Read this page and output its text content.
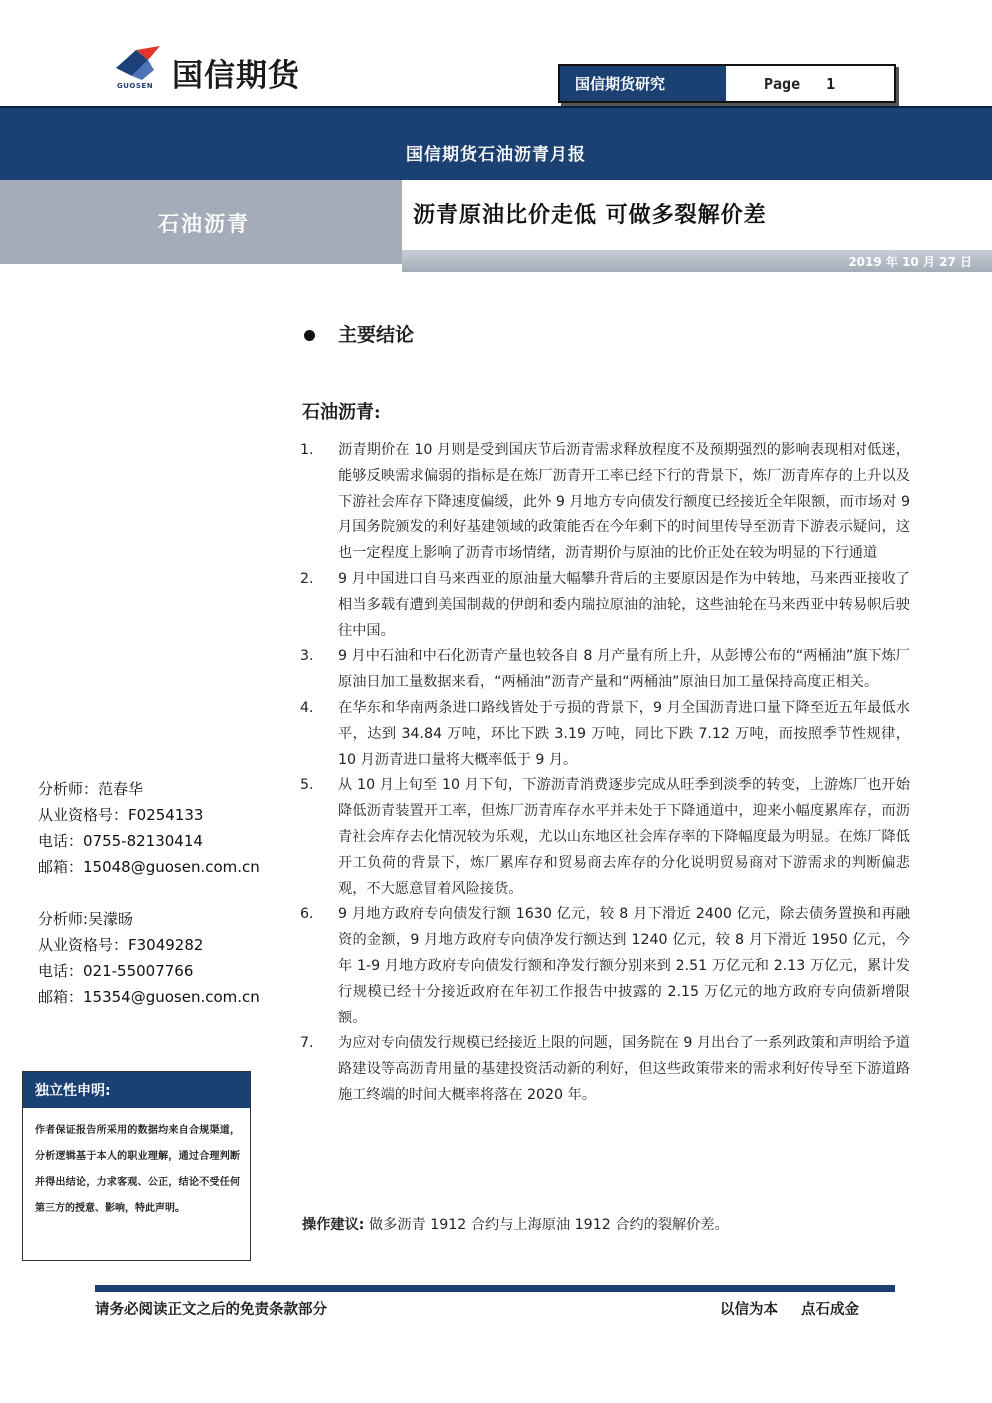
国信期货
GUOSEN	国信期货研究	Page 1
国信期货石油沥青月报
石油沥青	沥青原油比价走低 可做多裂解价差
2019 年 10 月 27 日
主要结论
石油沥青:
1. 沥青期价在 10 月则是受到国庆节后沥青需求释放程度不及预期强烈的影响表现相对低迷，能够反映需求偏弱的指标是在炼厂沥青开工率已经下行的背景下，炼厂沥青库存的上升以及下游社会库存下降速度偏缓，此外 9 月地方专向债发行额度已经接近全年限额，而市场对 9 月国务院颁发的利好基建领域的政策能否在今年剩下的时间里传导至沥青下游表示疑问，这也一定程度上影响了沥青市场情绪，沥青期价与原油的比价正处在较为明显的下行通道
2. 9 月中国进口自马来西亚的原油量大幅攀升背后的主要原因是作为中转地，马来西亚接收了相当多载有遭到美国制裁的伊朗和委内瑞拉原油的油轮，这些油轮在马来西亚中转易帜后驶往中国。
3. 9 月中石油和中石化沥青产量也较各自 8 月产量有所上升，从彭博公布的“两桶油”旗下炼厂原油日加工量数据来看，“两桶油”沥青产量和“两桶油”原油日加工量保持高度正相关。
4. 在华东和华南两条进口路线皆处于亏损的背景下，9 月全国沥青进口量下降至近五年最低水平，达到 34.84 万吨，环比下跌 3.19 万吨，同比下跌 7.12 万吨，而按照季节性规律，10 月沥青进口量将大概率低于 9 月。
5. 从 10 月上旬至 10 月下旬，下游沥青消费逐步完成从旺季到淡季的转变，上游炼厂也开始降低沥青装置开工率，但炼厂沥青库存水平并未处于下降通道中，迎来小幅度累库存，而沥青社会库存去化情况较为乐观，尤以山东地区社会库存率的下降幅度最为明显。在炼厂降低开工负荷的背景下，炼厂累库存和贸易商去库存的分化说明贸易商对下游需求的判断偏悲观，不大愿意冒着风险接货。
6. 9 月地方政府专向债发行额 1630 亿元，较 8 月下滑近 2400 亿元，除去债务置换和再融资的金额，9 月地方政府专向债净发行额达到 1240 亿元，较 8 月下滑近 1950 亿元，今年 1-9 月地方政府专向债发行额和净发行额分别来到 2.51 万亿元和 2.13 万亿元，累计发行规模已经十分接近政府在年初工作报告中披露的 2.15 万亿元的地方政府专向债新增限额。
7. 为应对专向债发行规模已经接近上限的问题，国务院在 9 月出台了一系列政策和声明给予道路建设等高沥青用量的基建投资活动新的利好，但这些政策带来的需求利好传导至下游道路施工终端的时间大概率将落在 2020 年。
操作建议: 做多沥青 1912 合约与上海原油 1912 合约的裂解价差。
分析师：范春华
从业资格号：F0254133
电话：0755-82130414
邮箱：15048@guosen.com.cn
分析师:吴濛旸
从业资格号：F3049282
电话：021-55007766
邮箱：15354@guosen.com.cn
独立性申明:
作者保证报告所采用的数据均来自合规渠道，分析逻辑基于本人的职业理解，通过合理判断 并得出结论，力求客观、公正，结论不受任何第三方的授意、影响，特此声明。
请务必阅读正文之后的免责条款部分	以信为本 点石成金
